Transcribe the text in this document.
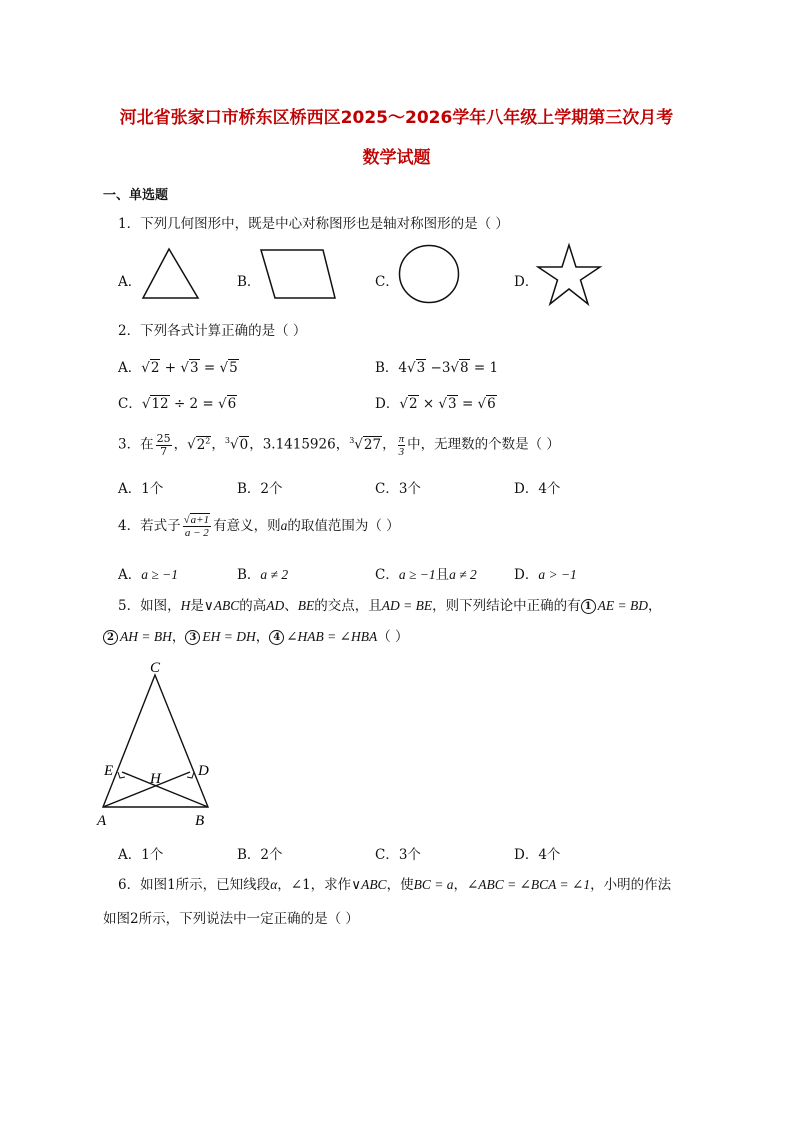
河北省张家口市桥东区桥西区2025～2026学年八年级上学期第三次月考
数学试题
一、单选题
1．下列几何图形中，既是中心对称图形也是轴对称图形的是（ ）
A．	B．	C．	D．
2．下列各式计算正确的是（ ）
A．√2 + √3 = √5	B．4√3 −3√8 = 1
C．√12 ÷ 2 = √6	D．√2 × √3 = √6
3．在 $\frac{25}{7}$ ，$√2^2$，$^3$√0，3.1415926，$^3$√27， $\frac{\pi}{3}$ 中，无理数的个数是（ ）
A．1个	B．2个	C．3个	D．4个
4．若式子 $\frac{√a+1}{a - 2}$ 有意义，则a的取值范围为（ ）
A．a ≥ −1	B．a ≠ 2	C．a ≥ −1且a ≠ 2	D．a > −1
5．如图，H是∨ABC的高AD、BE的交点，且AD = BE，则下列结论中正确的有 1 AE = BD，
2 AH = BH， 3 EH = DH， 4 ∠HAB = ∠HBA（ ）
C
E H D
A	B
A．1个	B．2个	C．3个	D．4个
6．如图1所示，已知线段α，∠1，求作∨ABC，使BC = a，∠ABC = ∠BCA = ∠1，小明的作法
如图2所示，下列说法中一定正确的是（ ）
